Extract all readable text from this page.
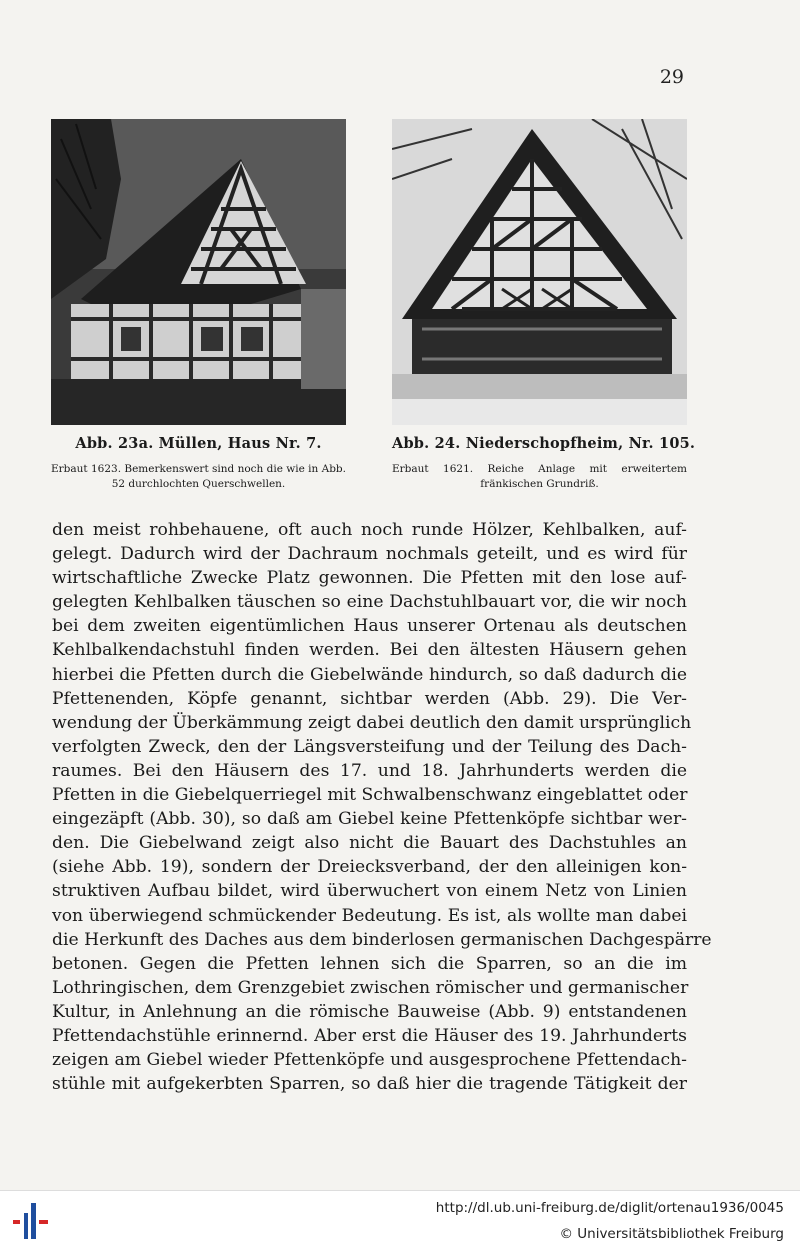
29
Abb. 23a. Müllen, Haus Nr. 7.
Erbaut 1623. Bemerkenswert sind noch die wie in Abb. 52 durchlochten Querschwellen.
Abb. 24. Niederschopfheim, Nr. 105.
Erbaut 1621. Reiche Anlage mit erweitertem fränkischen Grundriß.
den meist rohbehauene, oft auch noch runde Hölzer, Kehlbalken, auf-
gelegt. Dadurch wird der Dachraum nochmals geteilt, und es wird für
wirtschaftliche Zwecke Platz gewonnen. Die Pfetten mit den lose auf-
gelegten Kehlbalken täuschen so eine Dachstuhlbauart vor, die wir noch
bei dem zweiten eigentümlichen Haus unserer Ortenau als deutschen
Kehlbalkendachstuhl finden werden. Bei den ältesten Häusern gehen
hierbei die Pfetten durch die Giebelwände hindurch, so daß dadurch die
Pfettenenden, Köpfe genannt, sichtbar werden (Abb. 29). Die Ver-
wendung der Überkämmung zeigt dabei deutlich den damit ursprünglich
verfolgten Zweck, den der Längsversteifung und der Teilung des Dach-
raumes. Bei den Häusern des 17. und 18. Jahrhunderts werden die
Pfetten in die Giebelquerriegel mit Schwalbenschwanz eingeblattet oder
eingezäpft (Abb. 30), so daß am Giebel keine Pfettenköpfe sichtbar wer-
den. Die Giebelwand zeigt also nicht die Bauart des Dachstuhles an
(siehe Abb. 19), sondern der Dreiecksverband, der den alleinigen kon-
struktiven Aufbau bildet, wird überwuchert von einem Netz von Linien
von überwiegend schmückender Bedeutung. Es ist, als wollte man dabei
die Herkunft des Daches aus dem binderlosen germanischen Dachgespärre
betonen. Gegen die Pfetten lehnen sich die Sparren, so an die im
Lothringischen, dem Grenzgebiet zwischen römischer und germanischer
Kultur, in Anlehnung an die römische Bauweise (Abb. 9) entstandenen
Pfettendachstühle erinnernd. Aber erst die Häuser des 19. Jahrhunderts
zeigen am Giebel wieder Pfettenköpfe und ausgesprochene Pfettendach-
stühle mit aufgekerbten Sparren, so daß hier die tragende Tätigkeit der
http://dl.ub.uni-freiburg.de/diglit/ortenau1936/0045
© Universitätsbibliothek Freiburg
